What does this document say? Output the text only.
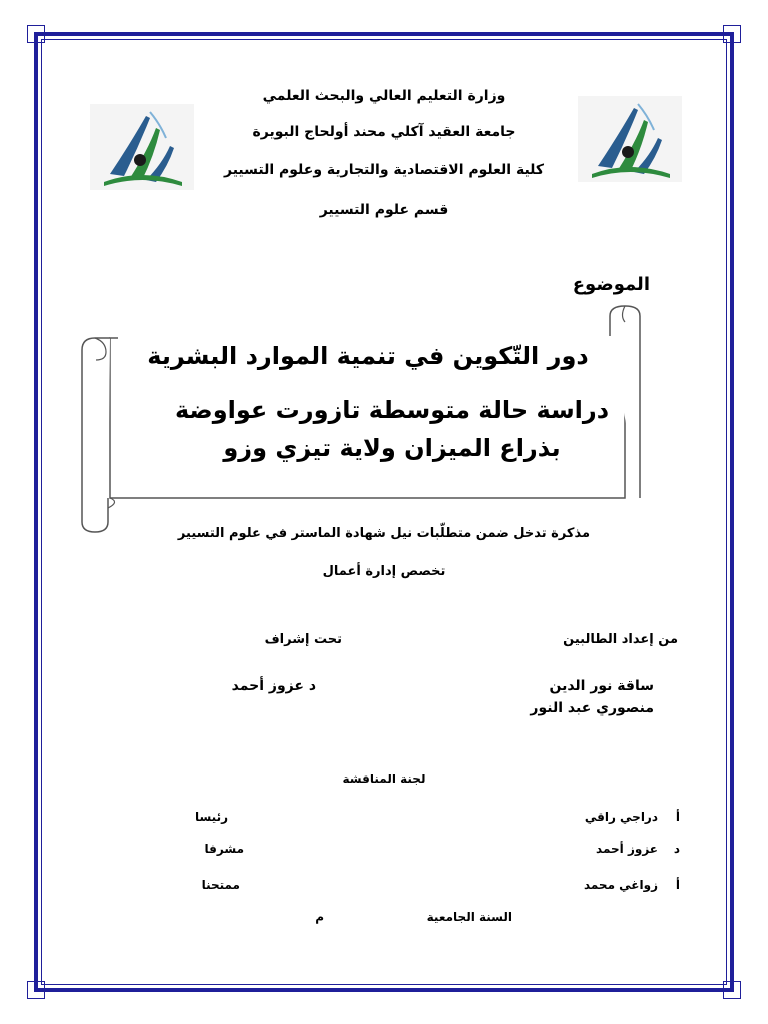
وزارة التعليم العالي والبحث العلمي
جامعة العقيد آكلي محند أولحاج البويرة
كلية العلوم الاقتصادية والتجارية وعلوم التسيير
قسم علوم التسيير
الموضوع
دور التّكوين في تنمية الموارد البشرية
دراسة حالة متوسطة تازورت عواوضة
بذراع الميزان ولاية تيزي وزو
مذكرة تدخل ضمن متطلّبات نيل شهادة الماستر في علوم التسيير
تخصص إدارة أعمال
من إعداد الطالبين
تحت إشراف
ساقة نور الدين
منصوري عبد النور
د عزوز أحمد
لجنة المناقشة
أ
دراجي راقي
رئيسا
د
عزوز أحمد
مشرفا
أ
زواغي محمد
ممتحنا
السنة الجامعية
م
